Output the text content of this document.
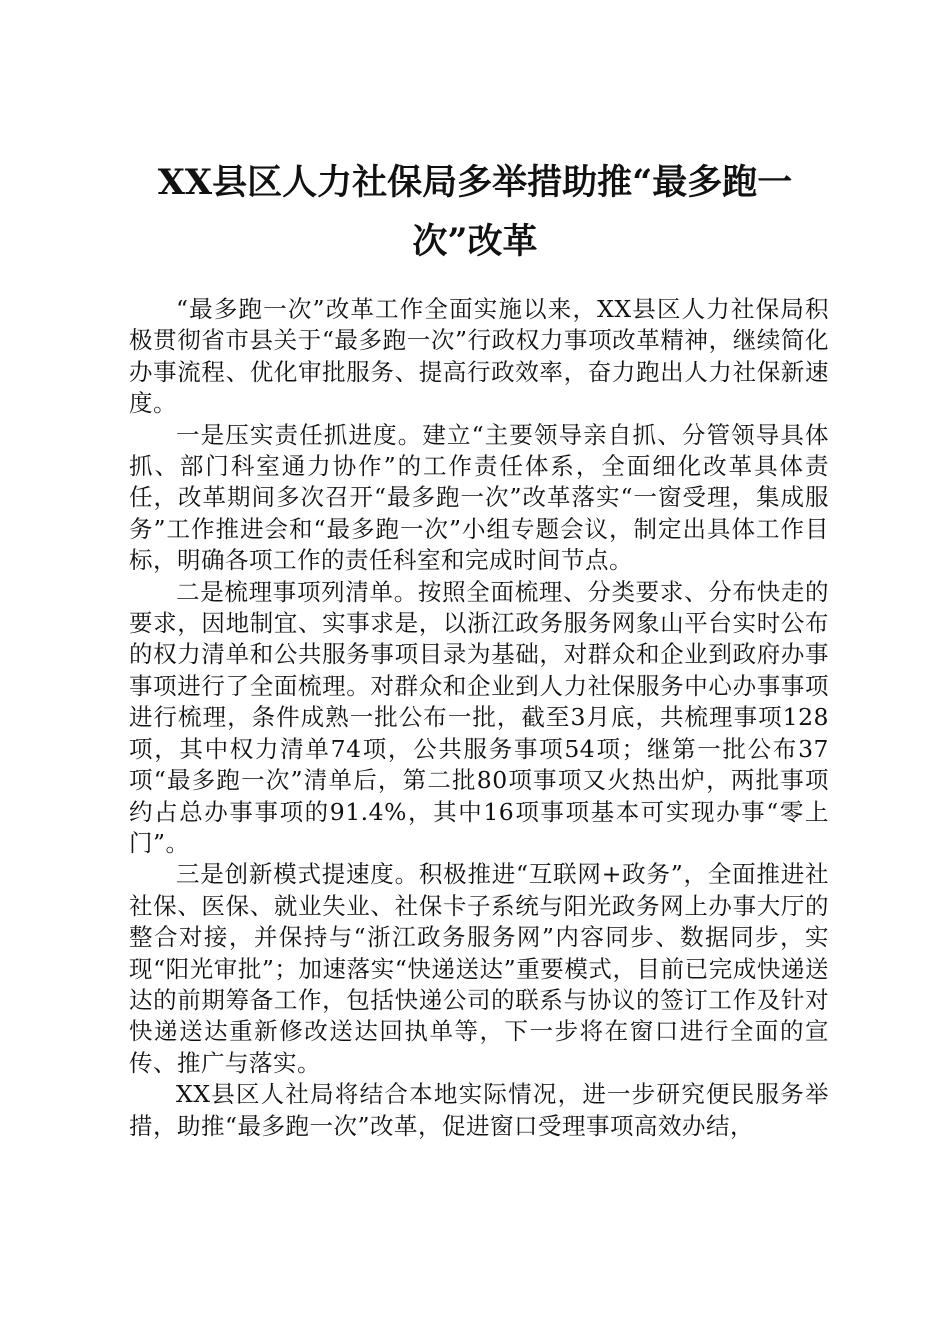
XX县区人力社保局多举措助推“最多跑一
次”改革

“最多跑一次”改革工作全面实施以来，XX县区人力社保局积极贯彻省市县关于“最多跑一次”行政权力事项改革精神，继续简化办事流程、优化审批服务、提高行政效率，奋力跑出人力社保新速度。

一是压实责任抓进度。建立“主要领导亲自抓、分管领导具体抓、部门科室通力协作”的工作责任体系，全面细化改革具体责任，改革期间多次召开“最多跑一次”改革落实“一窗受理，集成服务”工作推进会和“最多跑一次”小组专题会议，制定出具体工作目标，明确各项工作的责任科室和完成时间节点。

二是梳理事项列清单。按照全面梳理、分类要求、分布快走的要求，因地制宜、实事求是，以浙江政务服务网象山平台实时公布的权力清单和公共服务事项目录为基础，对群众和企业到政府办事事项进行了全面梳理。对群众和企业到人力社保服务中心办事事项进行梳理，条件成熟一批公布一批，截至3月底，共梳理事项128项，其中权力清单74项，公共服务事项54项；继第一批公布37项“最多跑一次”清单后，第二批80项事项又火热出炉，两批事项约占总办事事项的91.4%，其中16项事项基本可实现办事“零上门”。

三是创新模式提速度。积极推进“互联网+政务”，全面推进社社保、医保、就业失业、社保卡子系统与阳光政务网上办事大厅的整合对接，并保持与“浙江政务服务网”内容同步、数据同步，实现“阳光审批”；加速落实“快递送达”重要模式，目前已完成快递送达的前期筹备工作，包括快递公司的联系与协议的签订工作及针对快递送达重新修改送达回执单等，下一步将在窗口进行全面的宣传、推广与落实。

XX县区人社局将结合本地实际情况，进一步研究便民服务举措，助推“最多跑一次”改革，促进窗口受理事项高效办结，
